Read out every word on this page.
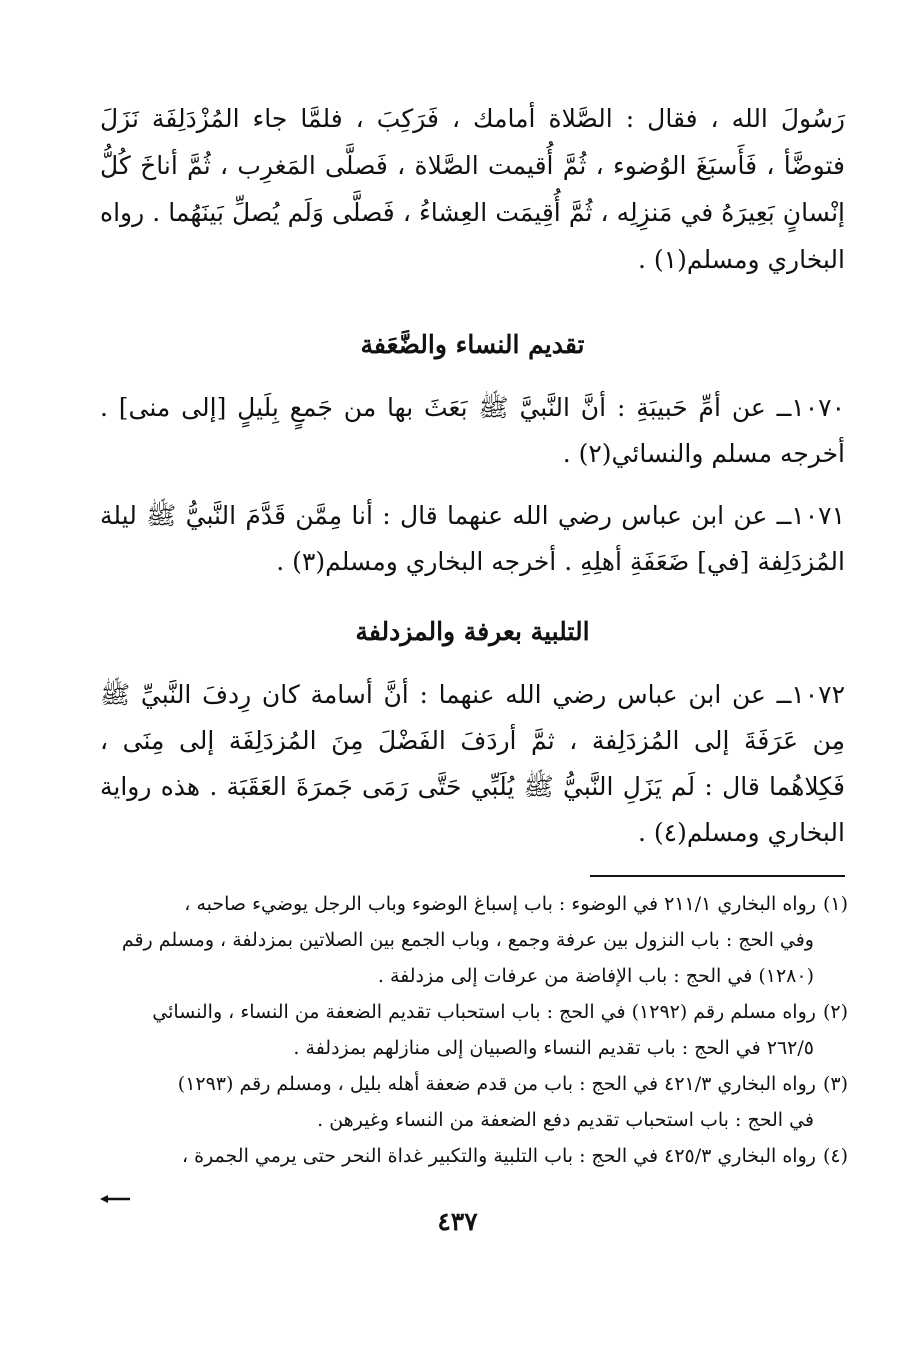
رَسُولَ الله ، فقال : الصَّلاة أمامك ، فَرَكِبَ ، فلمَّا جاء المُزْدَلِفَة نَزَلَ فتوضَّأ ، فَأَسبَغَ الوُضوء ، ثُمَّ أُقيمت الصَّلاة ، فَصلَّى المَغرِب ، ثُمَّ أناخَ كُلُّ إنْسانٍ بَعِيرَهُ في مَنزِلِه ، ثُمَّ أُقِيمَت العِشاءُ ، فَصلَّى وَلَم يُصلِّ بَينَهُما . رواه البخاري ومسلم(١) .
تقديم النساء والضَّعَفة
١٠٧٠ــ عن أمِّ حَبيبَةِ : أنَّ النَّبيَّ ﷺ بَعَثَ بها من جَمعٍ بِلَيلٍ [إلى منى] . أخرجه مسلم والنسائي(٢) .
١٠٧١ــ عن ابن عباس رضي الله عنهما قال : أنا مِمَّن قَدَّمَ النَّبيُّ ﷺ ليلة المُزدَلِفة [في] ضَعَفَةِ أهلِهِ . أخرجه البخاري ومسلم(٣) .
التلبية بعرفة والمزدلفة
١٠٧٢ــ عن ابن عباس رضي الله عنهما : أنَّ أسامة كان رِدفَ النَّبيِّ ﷺ مِن عَرَفَةَ إلى المُزدَلِفة ، ثمَّ أردَفَ الفَضْلَ مِنَ المُزدَلِفَة إلى مِنَى ، فَكِلاهُما قال : لَم يَزَلِ النَّبيُّ ﷺ يُلَبِّي حَتَّى رَمَى جَمرَةَ العَقَبَة . هذه رواية البخاري ومسلم(٤) .
(١) رواه البخاري ٢١١/١ في الوضوء : باب إسباغ الوضوء وباب الرجل يوضيء صاحبه ،
وفي الحج : باب النزول بين عرفة وجمع ، وباب الجمع بين الصلاتين بمزدلفة ، ومسلم رقم
(١٢٨٠) في الحج : باب الإفاضة من عرفات إلى مزدلفة .
(٢) رواه مسلم رقم (١٢٩٢) في الحج : باب استحباب تقديم الضعفة من النساء ، والنسائي
٢٦٢/٥ في الحج : باب تقديم النساء والصبيان إلى منازلهم بمزدلفة .
(٣) رواه البخاري ٤٢١/٣ في الحج : باب من قدم ضعفة أهله بليل ، ومسلم رقم (١٢٩٣)
في الحج : باب استحباب تقديم دفع الضعفة من النساء وغيرهن .
(٤) رواه البخاري ٤٢٥/٣ في الحج : باب التلبية والتكبير غداة النحر حتى يرمي الجمرة ،
٤٣٧
